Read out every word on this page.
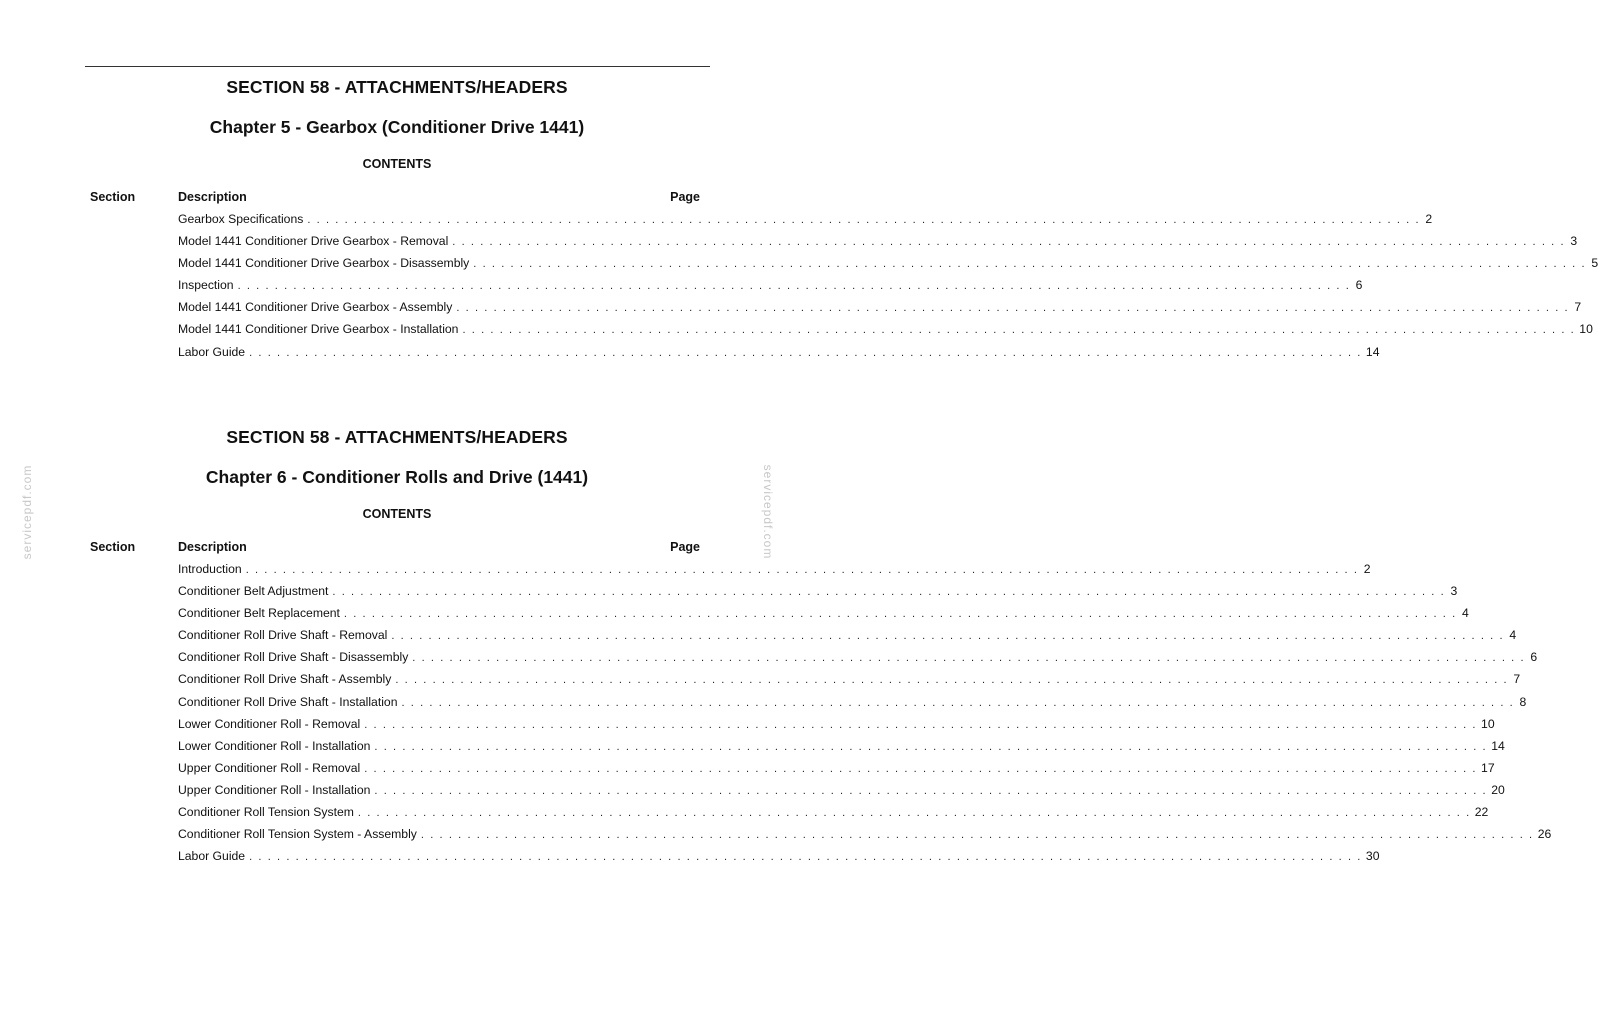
SECTION 58 - ATTACHMENTS/HEADERS
Chapter 5 - Gearbox (Conditioner Drive 1441)
CONTENTS
Section	Description	Page
Gearbox Specifications . . . . . . . . . . . . . . . . . . . . . . . . . . . . . . . . . . . . . . . . . . . . . . . . . . . . . . . . . . . . . . . . . . . . . . . . . . . . . . . . . . . . . . . . . . . . . . . . . . . . . . . . . . . . . . . . . . . . . . . . 2
Model 1441 Conditioner Drive Gearbox - Removal . . . . . . . . . . . . . . . . . . . . . . . . . . . . . . . . . . . . . . . . . . . . . . . . . . . . . . . . . . . . . . . . . . . . . . . . . . . . . . . . . . . . . . . . . . . . . . . . . . . . . . . . . . . . . . . . . . . . . . . . 3
Model 1441 Conditioner Drive Gearbox - Disassembly . . . . . . . . . . . . . . . . . . . . . . . . . . . . . . . . . . . . . . . . . . . . . . . . . . . . . . . . . . . . . . . . . . . . . . . . . . . . . . . . . . . . . . . . . . . . . . . . . . . . . . . . . . . . . . . . . . . . . . . . 5
Inspection . . . . . . . . . . . . . . . . . . . . . . . . . . . . . . . . . . . . . . . . . . . . . . . . . . . . . . . . . . . . . . . . . . . . . . . . . . . . . . . . . . . . . . . . . . . . . . . . . . . . . . . . . . . . . . . . . . . . . . . . 6
Model 1441 Conditioner Drive Gearbox - Assembly . . . . . . . . . . . . . . . . . . . . . . . . . . . . . . . . . . . . . . . . . . . . . . . . . . . . . . . . . . . . . . . . . . . . . . . . . . . . . . . . . . . . . . . . . . . . . . . . . . . . . . . . . . . . . . . . . . . . . . . . 7
Model 1441 Conditioner Drive Gearbox - Installation . . . . . . . . . . . . . . . . . . . . . . . . . . . . . . . . . . . . . . . . . . . . . . . . . . . . . . . . . . . . . . . . . . . . . . . . . . . . . . . . . . . . . . . . . . . . . . . . . . . . . . . . . . . . . . . . . . . . . . . . 10
Labor Guide . . . . . . . . . . . . . . . . . . . . . . . . . . . . . . . . . . . . . . . . . . . . . . . . . . . . . . . . . . . . . . . . . . . . . . . . . . . . . . . . . . . . . . . . . . . . . . . . . . . . . . . . . . . . . . . . . . . . . . . . 14
SECTION 58 - ATTACHMENTS/HEADERS
Chapter 6 - Conditioner Rolls and Drive (1441)
CONTENTS
Section	Description	Page
Introduction . . . . . . . . . . . . . . . . . . . . . . . . . . . . . . . . . . . . . . . . . . . . . . . . . . . . . . . . . . . . . . . . . . . . . . . . . . . . . . . . . . . . . . . . . . . . . . . . . . . . . . . . . . . . . . . . . . . . . . . . 2
Conditioner Belt Adjustment . . . . . . . . . . . . . . . . . . . . . . . . . . . . . . . . . . . . . . . . . . . . . . . . . . . . . . . . . . . . . . . . . . . . . . . . . . . . . . . . . . . . . . . . . . . . . . . . . . . . . . . . . . . . . . . . . . . . . . . . 3
Conditioner Belt Replacement . . . . . . . . . . . . . . . . . . . . . . . . . . . . . . . . . . . . . . . . . . . . . . . . . . . . . . . . . . . . . . . . . . . . . . . . . . . . . . . . . . . . . . . . . . . . . . . . . . . . . . . . . . . . . . . . . . . . . . . . 4
Conditioner Roll Drive Shaft - Removal . . . . . . . . . . . . . . . . . . . . . . . . . . . . . . . . . . . . . . . . . . . . . . . . . . . . . . . . . . . . . . . . . . . . . . . . . . . . . . . . . . . . . . . . . . . . . . . . . . . . . . . . . . . . . . . . . . . . . . . . 4
Conditioner Roll Drive Shaft - Disassembly . . . . . . . . . . . . . . . . . . . . . . . . . . . . . . . . . . . . . . . . . . . . . . . . . . . . . . . . . . . . . . . . . . . . . . . . . . . . . . . . . . . . . . . . . . . . . . . . . . . . . . . . . . . . . . . . . . . . . . . . 6
Conditioner Roll Drive Shaft - Assembly . . . . . . . . . . . . . . . . . . . . . . . . . . . . . . . . . . . . . . . . . . . . . . . . . . . . . . . . . . . . . . . . . . . . . . . . . . . . . . . . . . . . . . . . . . . . . . . . . . . . . . . . . . . . . . . . . . . . . . . . 7
Conditioner Roll Drive Shaft - Installation . . . . . . . . . . . . . . . . . . . . . . . . . . . . . . . . . . . . . . . . . . . . . . . . . . . . . . . . . . . . . . . . . . . . . . . . . . . . . . . . . . . . . . . . . . . . . . . . . . . . . . . . . . . . . . . . . . . . . . . . 8
Lower Conditioner Roll - Removal . . . . . . . . . . . . . . . . . . . . . . . . . . . . . . . . . . . . . . . . . . . . . . . . . . . . . . . . . . . . . . . . . . . . . . . . . . . . . . . . . . . . . . . . . . . . . . . . . . . . . . . . . . . . . . . . . . . . . . . . 10
Lower Conditioner Roll - Installation . . . . . . . . . . . . . . . . . . . . . . . . . . . . . . . . . . . . . . . . . . . . . . . . . . . . . . . . . . . . . . . . . . . . . . . . . . . . . . . . . . . . . . . . . . . . . . . . . . . . . . . . . . . . . . . . . . . . . . . . 14
Upper Conditioner Roll - Removal . . . . . . . . . . . . . . . . . . . . . . . . . . . . . . . . . . . . . . . . . . . . . . . . . . . . . . . . . . . . . . . . . . . . . . . . . . . . . . . . . . . . . . . . . . . . . . . . . . . . . . . . . . . . . . . . . . . . . . . . 17
Upper Conditioner Roll - Installation . . . . . . . . . . . . . . . . . . . . . . . . . . . . . . . . . . . . . . . . . . . . . . . . . . . . . . . . . . . . . . . . . . . . . . . . . . . . . . . . . . . . . . . . . . . . . . . . . . . . . . . . . . . . . . . . . . . . . . . . 20
Conditioner Roll Tension System . . . . . . . . . . . . . . . . . . . . . . . . . . . . . . . . . . . . . . . . . . . . . . . . . . . . . . . . . . . . . . . . . . . . . . . . . . . . . . . . . . . . . . . . . . . . . . . . . . . . . . . . . . . . . . . . . . . . . . . . 22
Conditioner Roll Tension System - Assembly . . . . . . . . . . . . . . . . . . . . . . . . . . . . . . . . . . . . . . . . . . . . . . . . . . . . . . . . . . . . . . . . . . . . . . . . . . . . . . . . . . . . . . . . . . . . . . . . . . . . . . . . . . . . . . . . . . . . . . . . 26
Labor Guide . . . . . . . . . . . . . . . . . . . . . . . . . . . . . . . . . . . . . . . . . . . . . . . . . . . . . . . . . . . . . . . . . . . . . . . . . . . . . . . . . . . . . . . . . . . . . . . . . . . . . . . . . . . . . . . . . . . . . . . . 30
servicepdf.com	servicepdf.com
